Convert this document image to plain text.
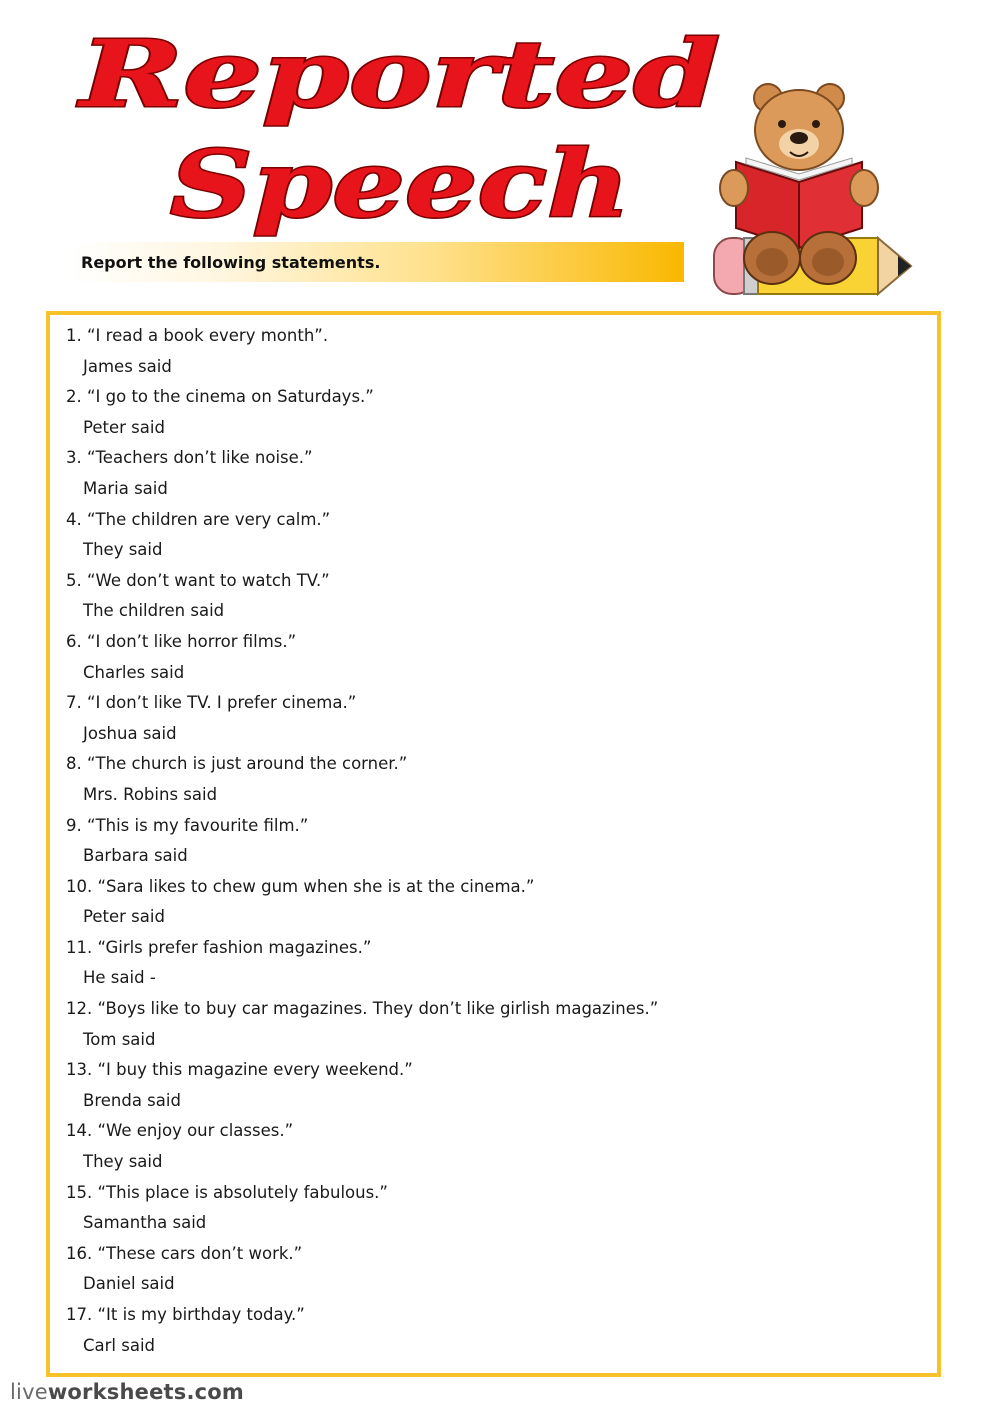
Reported
Speech
Report the following statements.
1. “I read a book every month”.
James said
2. “I go to the cinema on Saturdays.”
Peter said
3. “Teachers don’t like noise.”
Maria said
4. “The children are very calm.”
They said
5. “We don’t want to watch TV.”
The children said
6. “I don’t like horror films.”
Charles said
7. “I don’t like TV. I prefer cinema.”
Joshua said
8. “The church is just around the corner.”
Mrs. Robins said
9. “This is my favourite film.”
Barbara said
10. “Sara likes to chew gum when she is at the cinema.”
Peter said
11. “Girls prefer fashion magazines.”
He said -
12. “Boys like to buy car magazines. They don’t like girlish magazines.”
Tom said
13. “I buy this magazine every weekend.”
Brenda said
14. “We enjoy our classes.”
They said
15. “This place is absolutely fabulous.”
Samantha said
16. “These cars don’t work.”
Daniel said
17. “It is my birthday today.”
Carl said
liveworksheets.com
